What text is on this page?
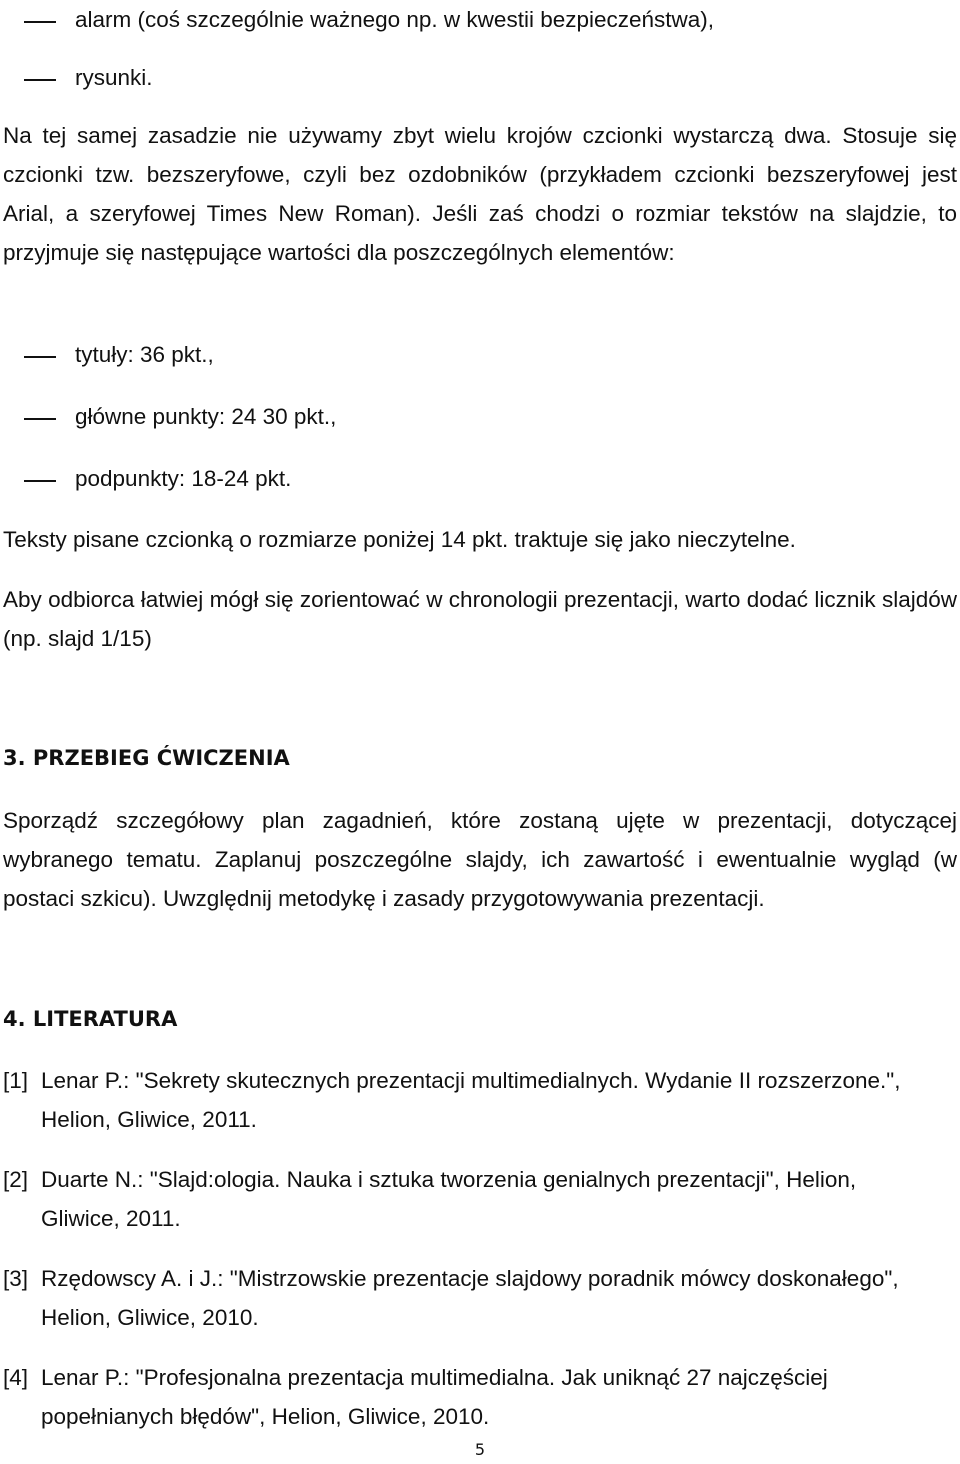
alarm (coś szczególnie ważnego np. w kwestii bezpieczeństwa),
rysunki.

Na tej samej zasadzie nie używamy zbyt wielu krojów czcionki wystarczą dwa. Stosuje się czcionki tzw. bezszeryfowe, czyli bez ozdobników (przykładem czcionki bezszeryfowej jest Arial, a szeryfowej Times New Roman). Jeśli zaś chodzi o rozmiar tekstów na slajdzie, to przyjmuje się następujące wartości dla poszczególnych elementów:

tytuły: 36 pkt.,
główne punkty: 24 30 pkt.,
podpunkty: 18-24 pkt.

Teksty pisane czcionką o rozmiarze poniżej 14 pkt. traktuje się jako nieczytelne.

Aby odbiorca łatwiej mógł się zorientować w chronologii prezentacji, warto dodać licznik slajdów (np. slajd 1/15)

3. PRZEBIEG ĆWICZENIA

Sporządź szczegółowy plan zagadnień, które zostaną ujęte w prezentacji, dotyczącej wybranego tematu. Zaplanuj poszczególne slajdy, ich zawartość i ewentualnie wygląd (w postaci szkicu). Uwzględnij metodykę i zasady przygotowywania prezentacji.

4. LITERATURA
[1] Lenar P.: "Sekrety skutecznych prezentacji multimedialnych. Wydanie II rozszerzone.", Helion, Gliwice, 2011.
[2] Duarte N.: "Slajd:ologia. Nauka i sztuka tworzenia genialnych prezentacji", Helion, Gliwice, 2011.
[3] Rzędowscy A. i J.: "Mistrzowskie prezentacje slajdowy poradnik mówcy doskonałego", Helion, Gliwice, 2010.
[4] Lenar P.: "Profesjonalna prezentacja multimedialna. Jak uniknąć 27 najczęściej popełnianych błędów", Helion, Gliwice, 2010.
5
